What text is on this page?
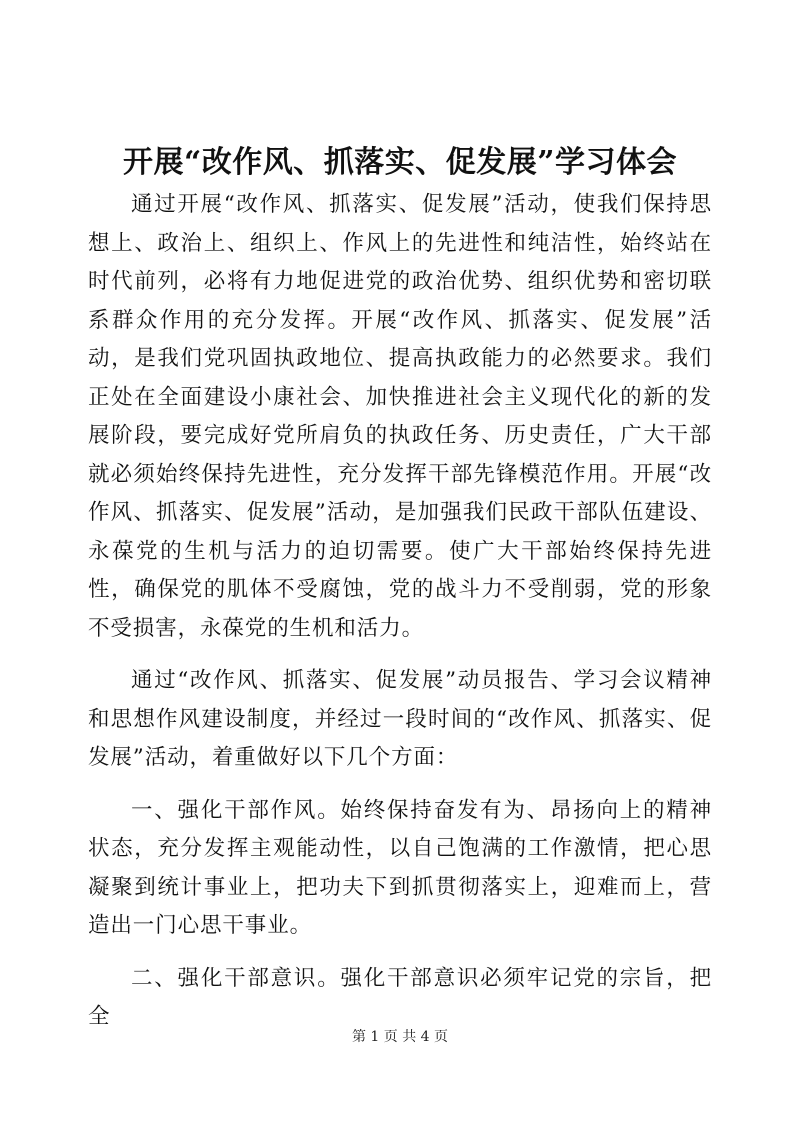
开展“改作风、抓落实、促发展”学习体会

通过开展“改作风、抓落实、促发展”活动，使我们保持思想上、政治上、组织上、作风上的先进性和纯洁性，始终站在时代前列，必将有力地促进党的政治优势、组织优势和密切联系群众作用的充分发挥。开展“改作风、抓落实、促发展”活动，是我们党巩固执政地位、提高执政能力的必然要求。我们正处在全面建设小康社会、加快推进社会主义现代化的新的发展阶段，要完成好党所肩负的执政任务、历史责任，广大干部就必须始终保持先进性，充分发挥干部先锋模范作用。开展“改作风、抓落实、促发展”活动，是加强我们民政干部队伍建设、永葆党的生机与活力的迫切需要。使广大干部始终保持先进性，确保党的肌体不受腐蚀，党的战斗力不受削弱，党的形象不受损害，永葆党的生机和活力。

通过“改作风、抓落实、促发展”动员报告、学习会议精神和思想作风建设制度，并经过一段时间的“改作风、抓落实、促发展”活动，着重做好以下几个方面：

一、强化干部作风。始终保持奋发有为、昂扬向上的精神状态，充分发挥主观能动性，以自己饱满的工作激情，把心思凝聚到统计事业上，把功夫下到抓贯彻落实上，迎难而上，营造出一门心思干事业。

二、强化干部意识。强化干部意识必须牢记党的宗旨，把全

第 1 页 共 4 页
